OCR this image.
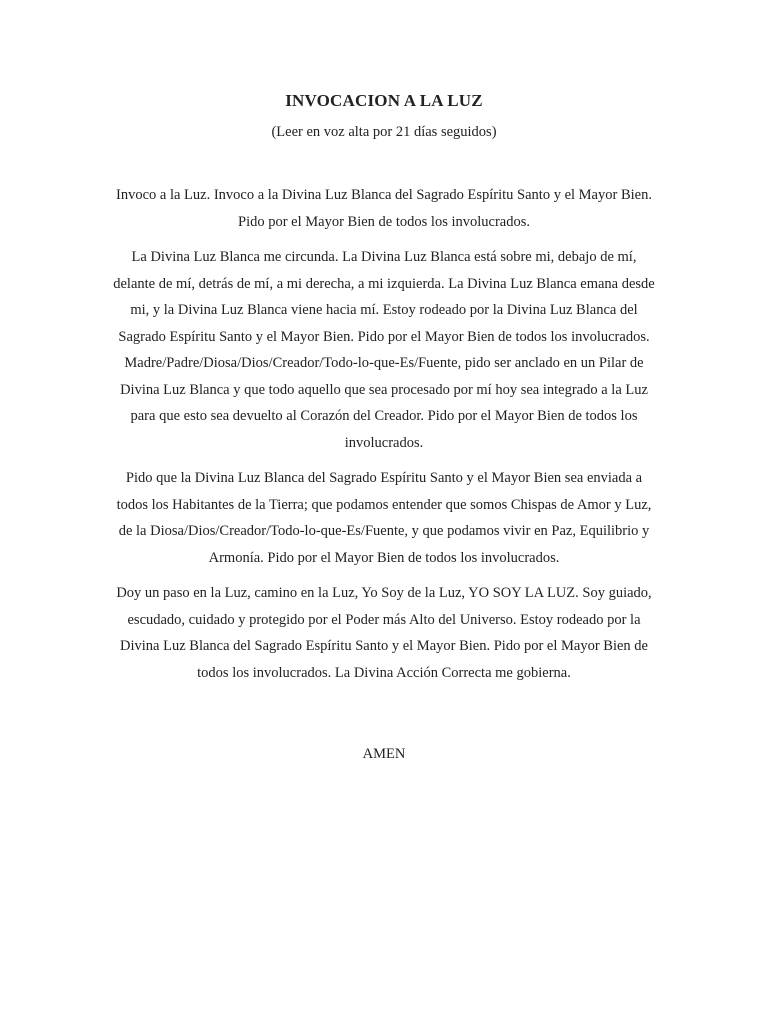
INVOCACION A LA LUZ

(Leer en voz alta por 21 días seguidos)

Invoco a la Luz. Invoco a la Divina Luz Blanca del Sagrado Espíritu Santo y el Mayor Bien. Pido por el Mayor Bien de todos los involucrados.

La Divina Luz Blanca me circunda. La Divina Luz Blanca está sobre mi, debajo de mí, delante de mí, detrás de mí, a mi derecha, a mi izquierda. La Divina Luz Blanca emana desde mi, y la Divina Luz Blanca viene hacia mí. Estoy rodeado por la Divina Luz Blanca del Sagrado Espíritu Santo y el Mayor Bien. Pido por el Mayor Bien de todos los involucrados. Madre/Padre/Diosa/Dios/Creador/Todo-lo-que-Es/Fuente, pido ser anclado en un Pilar de Divina Luz Blanca y que todo aquello que sea procesado por mí hoy sea integrado a la Luz para que esto sea devuelto al Corazón del Creador. Pido por el Mayor Bien de todos los involucrados.

Pido que la Divina Luz Blanca del Sagrado Espíritu Santo y el Mayor Bien sea enviada a todos los Habitantes de la Tierra; que podamos entender que somos Chispas de Amor y Luz, de la Diosa/Dios/Creador/Todo-lo-que-Es/Fuente, y que podamos vivir en Paz, Equilibrio y Armonía. Pido por el Mayor Bien de todos los involucrados.

Doy un paso en la Luz, camino en la Luz, Yo Soy de la Luz, YO SOY LA LUZ. Soy guiado, escudado, cuidado y protegido por el Poder más Alto del Universo. Estoy rodeado por la Divina Luz Blanca del Sagrado Espíritu Santo y el Mayor Bien. Pido por el Mayor Bien de todos los involucrados. La Divina Acción Correcta me gobierna.

AMEN
